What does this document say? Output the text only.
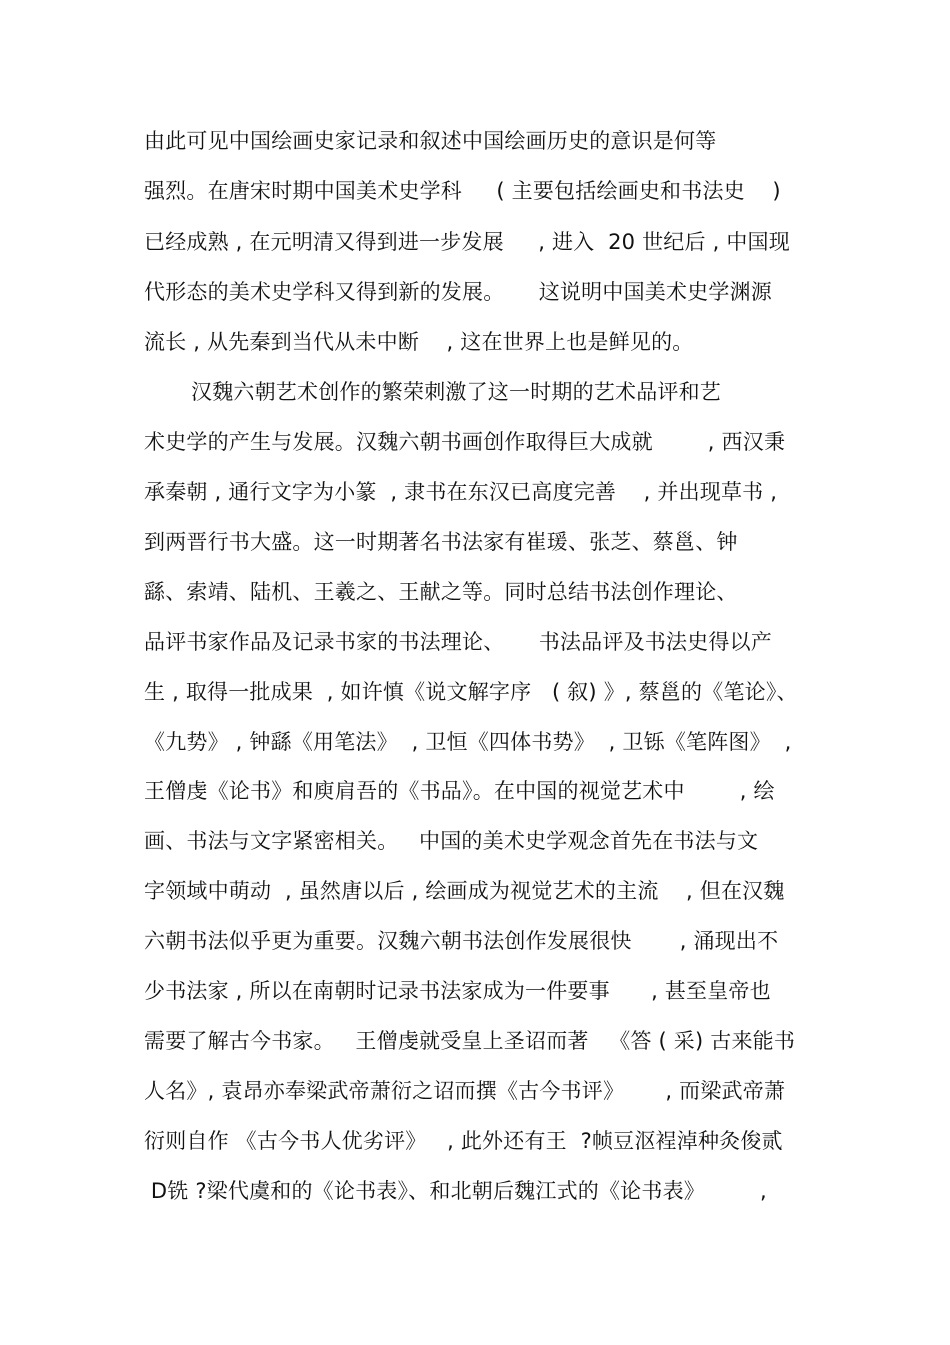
由此可见中国绘画史家记录和叙述中国绘画历史的意识是何等
强烈。在唐宋时期中国美术史学科     ( 主要包括绘画史和书法史    )
已经成熟 , 在元明清又得到进一步发展     , 进入  20 世纪后 , 中国现
代形态的美术史学科又得到新的发展。     这说明中国美术史学渊源
流长 , 从先秦到当代从未中断    , 这在世界上也是鲜见的。
汉魏六朝艺术创作的繁荣刺激了这一时期的艺术品评和艺
术史学的产生与发展。汉魏六朝书画创作取得巨大成就        , 西汉秉
承秦朝 , 通行文字为小篆  , 隶书在东汉已高度完善    , 并出现草书 ,
到两晋行书大盛。这一时期著名书法家有崔瑗、张芝、蔡邕、钟
繇、索靖、陆机、王羲之、王献之等。同时总结书法创作理论、
品评书家作品及记录书家的书法理论、     书法品评及书法史得以产
生 , 取得一批成果  , 如许慎《说文解字序   ( 叙) 》, 蔡邕的《笔论》、
《九势》 , 钟繇《用笔法》  , 卫恒《四体书势》  , 卫铄《笔阵图》  ,
王僧虔《论书》和庾肩吾的《书品》。在中国的视觉艺术中        , 绘
画、书法与文字紧密相关。   中国的美术史学观念首先在书法与文
字领域中萌动  , 虽然唐以后 , 绘画成为视觉艺术的主流    , 但在汉魏
六朝书法似乎更为重要。汉魏六朝书法创作发展很快       , 涌现出不
少书法家 , 所以在南朝时记录书法家成为一件要事      , 甚至皇帝也
需要了解古今书家。   王僧虔就受皇上圣诏而著   《答 ( 采) 古来能书
人名》, 袁昂亦奉梁武帝萧衍之诏而撰《古今书评》      , 而梁武帝萧
衍则自作 《古今书人优劣评》   , 此外还有王  ?帧豆沤裎淖种灸俊贰
D铣 ?梁代虞和的《论书表》、和北朝后魏江式的《论书表》        ,
